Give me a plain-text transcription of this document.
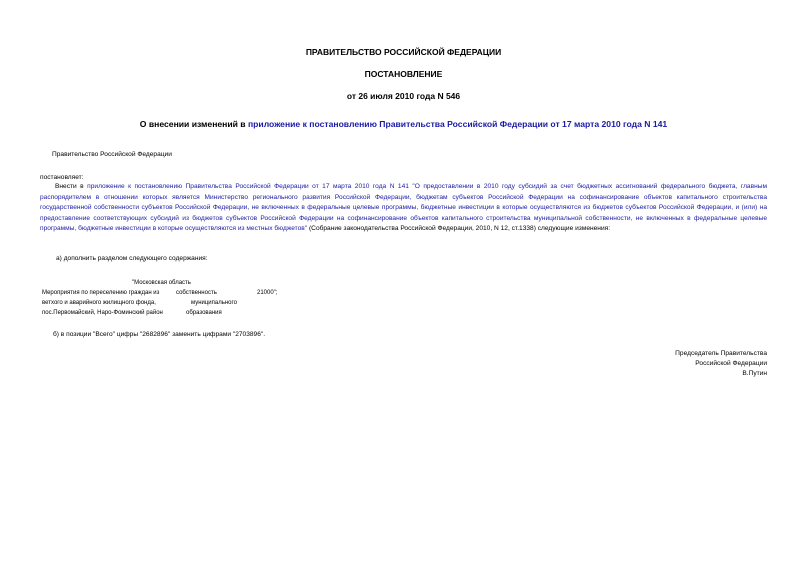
ПРАВИТЕЛЬСТВО РОССИЙСКОЙ ФЕДЕРАЦИИ
ПОСТАНОВЛЕНИЕ
от 26 июля 2010 года N 546
О внесении изменений в приложение к постановлению Правительства Российской Федерации от 17 марта 2010 года N 141
Правительство Российской Федерации
постановляет:
Внести в приложение к постановлению Правительства Российской Федерации от 17 марта 2010 года N 141 "О предоставлении в 2010 году субсидий за счет бюджетных ассигнований федерального бюджета, главным распорядителем в отношении которых является Министерство регионального развития Российской Федерации, бюджетам субъектов Российской Федерации на софинансирование объектов капитального строительства государственной собственности субъектов Российской Федерации, не включенных в федеральные целевые программы, бюджетные инвестиции в которые осуществляются из бюджетов субъектов Российской Федерации, и (или) на предоставление соответствующих субсидий из бюджетов субъектов Российской Федерации на софинансирование объектов капитального строительства муниципальной собственности, не включенных в федеральные целевые программы, бюджетные инвестиции в которые осуществляются из местных бюджетов" (Собрание законодательства Российской Федерации, 2010, N 12, ст.1338) следующие изменения:
а) дополнить разделом следующего содержания:
"Московская область
Мероприятия по переселению граждан из
ветхого и аварийного жилищного фонда,
пос.Первомайский, Наро-Фоминский район
собственность
муниципального
образования
21000";
б) в позиции "Всего" цифры "2682896" заменить цифрами "2703896".
Председатель Правительства
Российской Федерации
В.Путин
